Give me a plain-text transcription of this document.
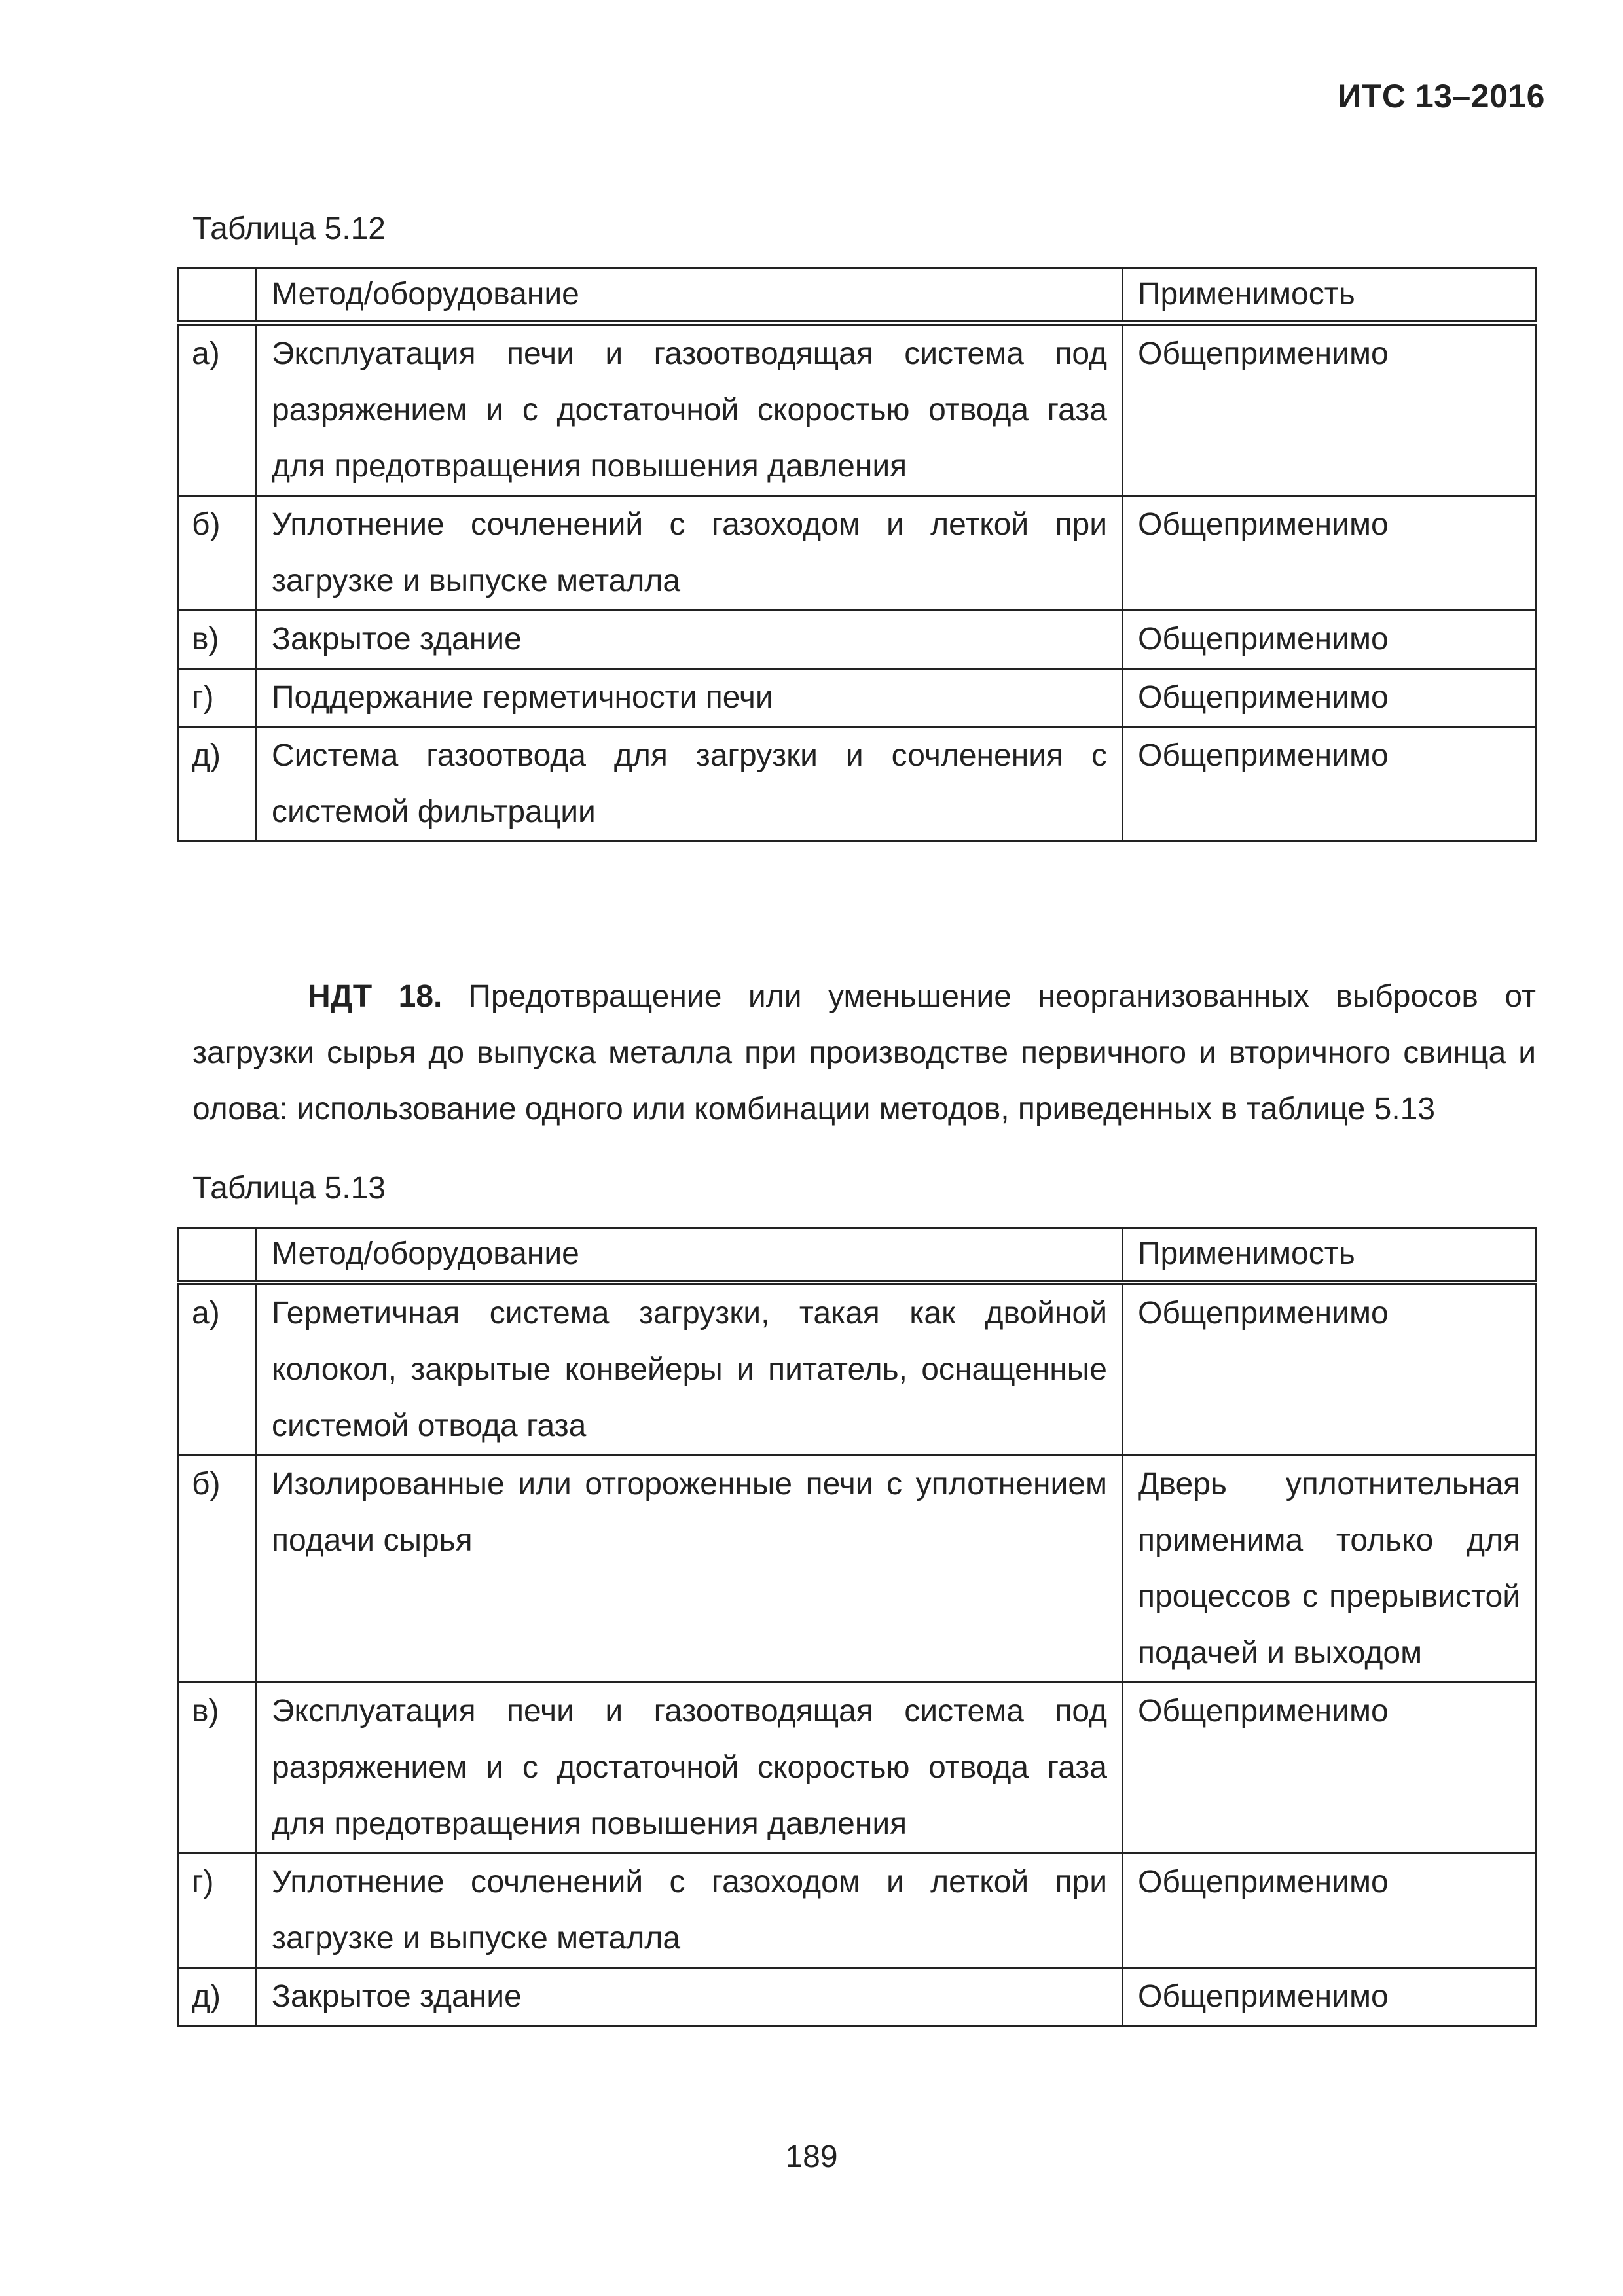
ИТС 13–2016
Таблица 5.12
	Метод/оборудование	Применимость
а)	Эксплуатация печи и газоотводящая система под разряжением и с достаточной скоростью отвода газа для предотвращения повышения давления	Общеприменимо
б)	Уплотнение сочленений с газоходом и леткой при загрузке и выпуске металла	Общеприменимо
в)	Закрытое здание	Общеприменимо
г)	Поддержание герметичности печи	Общеприменимо
д)	Система газоотвода для загрузки и сочленения с системой фильтрации	Общеприменимо

НДТ 18. Предотвращение или уменьшение неорганизованных выбросов от загрузки сырья до выпуска металла при производстве первичного и вторичного свинца и олова: использование одного или комбинации методов, приведенных в таблице 5.13

Таблица 5.13
	Метод/оборудование	Применимость
а)	Герметичная система загрузки, такая как двойной колокол, закрытые конвейеры и питатель, оснащенные системой отвода газа	Общеприменимо
б)	Изолированные или отгороженные печи с уплотнением подачи сырья	Дверь уплотнительная применима только для процессов с прерывистой подачей и выходом
в)	Эксплуатация печи и газоотводящая система под разряжением и с достаточной скоростью отвода газа для предотвращения повышения давления	Общеприменимо
г)	Уплотнение сочленений с газоходом и леткой при загрузке и выпуске металла	Общеприменимо
д)	Закрытое здание	Общеприменимо
189
